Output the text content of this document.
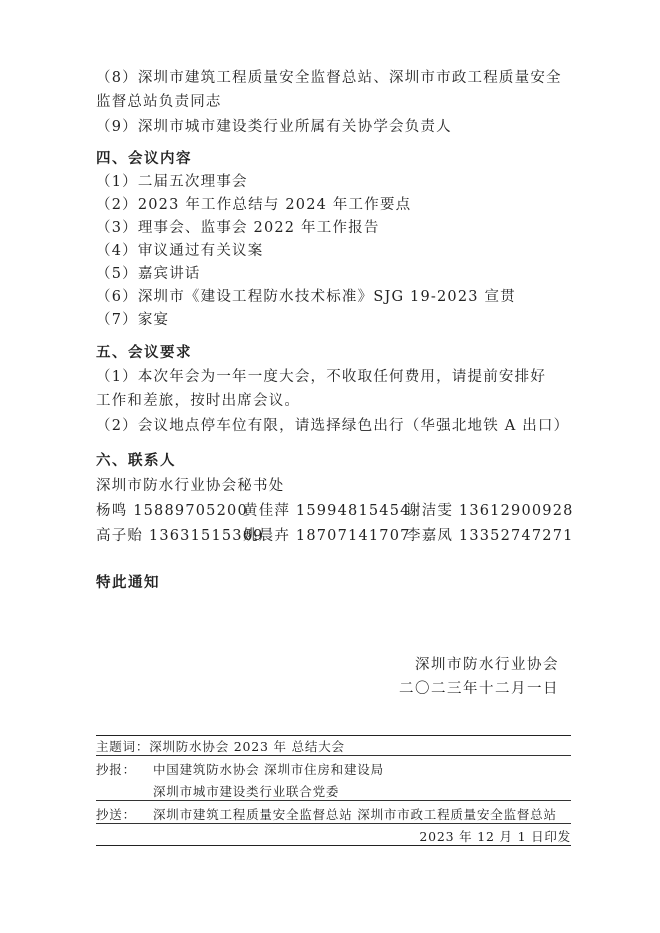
（8）深圳市建筑工程质量安全监督总站、深圳市市政工程质量安全
监督总站负责同志
（9）深圳市城市建设类行业所属有关协学会负责人
四、会议内容
（1）二届五次理事会
（2）2023 年工作总结与 2024 年工作要点
（3）理事会、监事会 2022 年工作报告
（4）审议通过有关议案
（5）嘉宾讲话
（6）深圳市《建设工程防水技术标准》SJG 19-2023 宣贯
（7）家宴
五、会议要求
（1）本次年会为一年一度大会，不收取任何费用，请提前安排好
工作和差旅，按时出席会议。
（2）会议地点停车位有限，请选择绿色出行（华强北地铁 A 出口）
六、联系人
深圳市防水行业协会秘书处
杨鸣 15889705200黄佳萍 15994815454谢洁雯 13612900928
高子贻 13631515369姚晨卉 18707141707李嘉凤 13352747271
特此通知
深圳市防水行业协会
二〇二三年十二月一日
主题词：深圳防水协会 2023 年 总结大会
抄报： 中国建筑防水协会 深圳市住房和建设局
深圳市城市建设类行业联合党委
抄送： 深圳市建筑工程质量安全监督总站 深圳市市政工程质量安全监督总站
2023 年 12 月 1 日印发
